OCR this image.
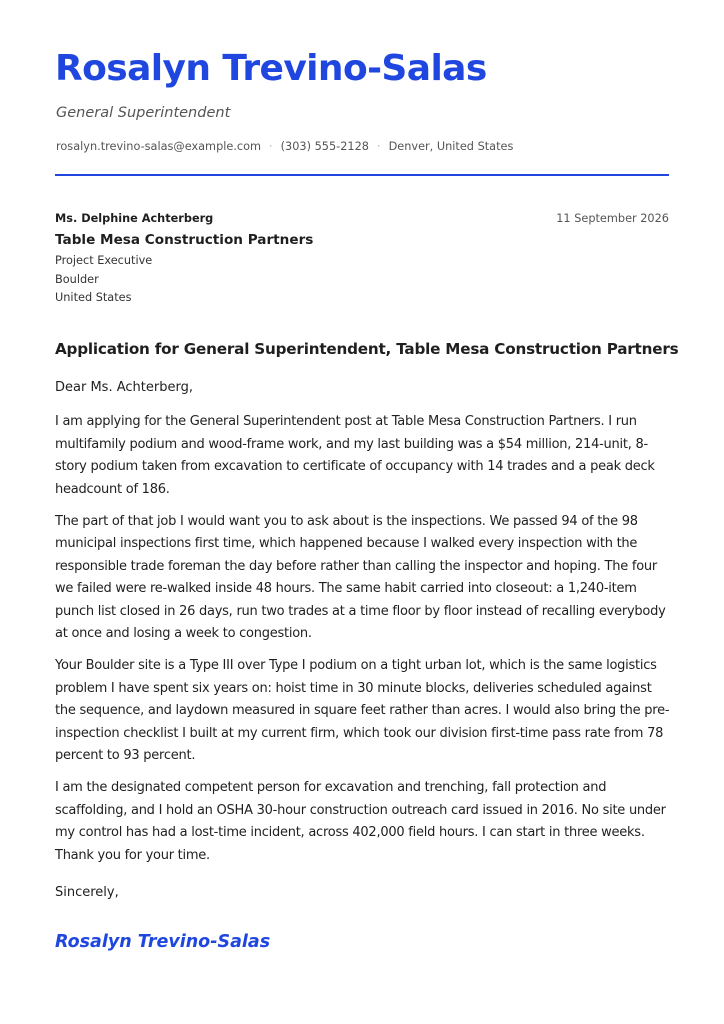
Rosalyn Trevino-Salas
General Superintendent
rosalyn.trevino-salas@example.com · (303) 555-2128 · Denver, United States
Ms. Delphine Achterberg	11 September 2026
Table Mesa Construction Partners
Project Executive
Boulder
United States
Application for General Superintendent, Table Mesa Construction Partners
Dear Ms. Achterberg,

I am applying for the General Superintendent post at Table Mesa Construction Partners. I run multifamily podium and wood-frame work, and my last building was a $54 million, 214-unit, 8-story podium taken from excavation to certificate of occupancy with 14 trades and a peak deck headcount of 186.

The part of that job I would want you to ask about is the inspections. We passed 94 of the 98 municipal inspections first time, which happened because I walked every inspection with the responsible trade foreman the day before rather than calling the inspector and hoping. The four we failed were re-walked inside 48 hours. The same habit carried into closeout: a 1,240-item punch list closed in 26 days, run two trades at a time floor by floor instead of recalling everybody at once and losing a week to congestion.

Your Boulder site is a Type III over Type I podium on a tight urban lot, which is the same logistics problem I have spent six years on: hoist time in 30 minute blocks, deliveries scheduled against the sequence, and laydown measured in square feet rather than acres. I would also bring the pre-inspection checklist I built at my current firm, which took our division first-time pass rate from 78 percent to 93 percent.

I am the designated competent person for excavation and trenching, fall protection and scaffolding, and I hold an OSHA 30-hour construction outreach card issued in 2016. No site under my control has had a lost-time incident, across 402,000 field hours. I can start in three weeks. Thank you for your time.

Sincerely,
Rosalyn Trevino-Salas
